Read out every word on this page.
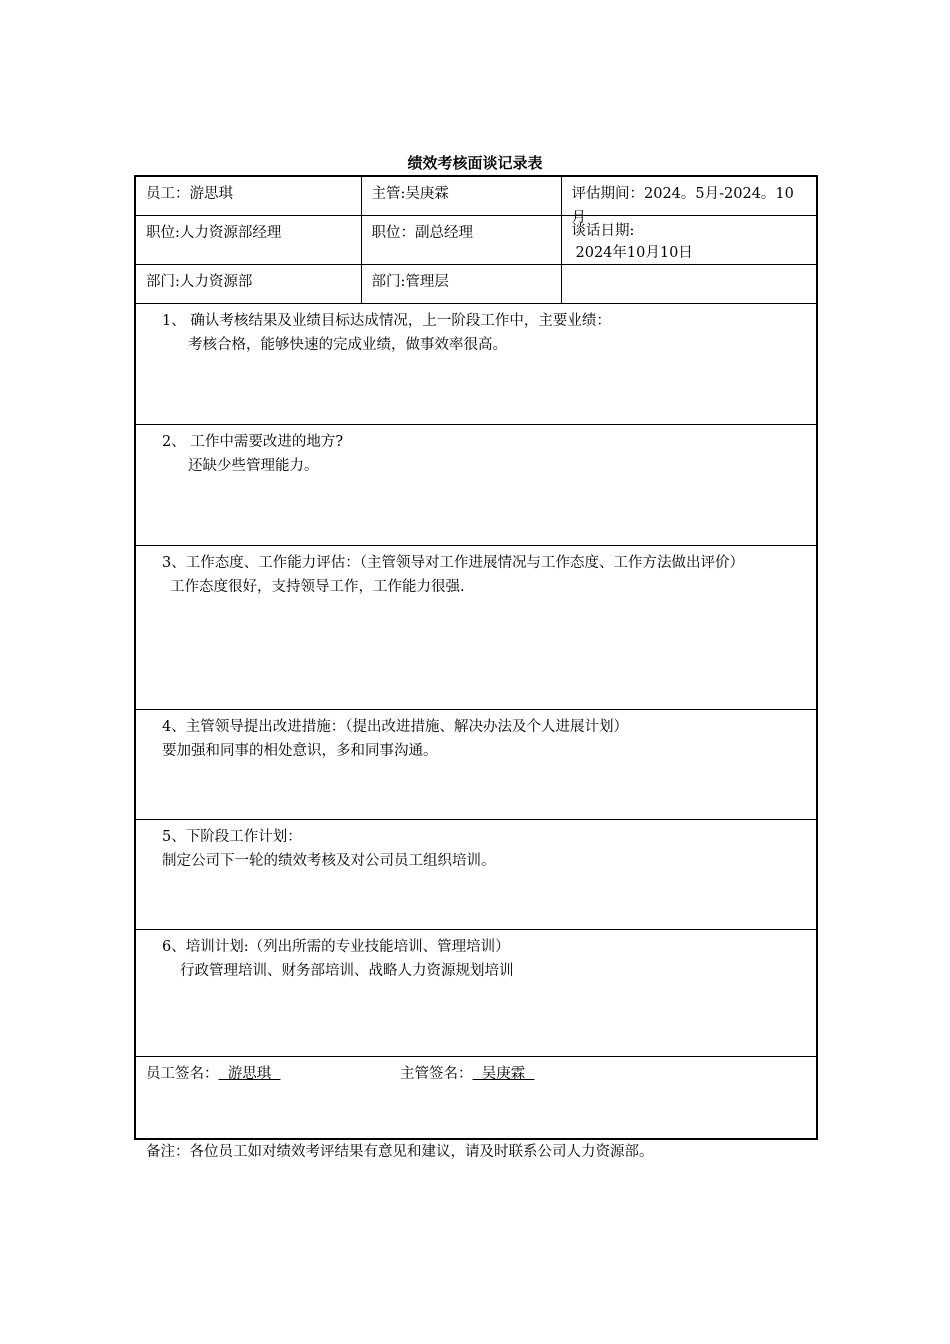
绩效考核面谈记录表
员工：游思琪	主管:吴庚霖	评估期间：2024。5月-2024。10月

职位:人力资源部经理	职位：副总经理	谈话日期:
2024年10月10日

部门:人力资源部	部门:管理层	

1、 确认考核结果及业绩目标达成情况，上一阶段工作中，主要业绩：
考核合格，能够快速的完成业绩，做事效率很高。		

2、 工作中需要改进的地方?
还缺少些管理能力。		

3、工作态度、工作能力评估：（主管领导对工作进展情况与工作态度、工作方法做出评价）
工作态度很好，支持领导工作，工作能力很强.		

4、主管领导提出改进措施：（提出改进措施、解决办法及个人进展计划）
要加强和同事的相处意识，多和同事沟通。		

5、下阶段工作计划：
制定公司下一轮的绩效考核及对公司员工组织培训。		

6、培训计划:（列出所需的专业技能培训、管理培训）
行政管理培训、财务部培训、战略人力资源规划培训		

员工签名：  游思琪 主管签名：  吴庚霖		
备注：各位员工如对绩效考评结果有意见和建议，请及时联系公司人力资源部。
